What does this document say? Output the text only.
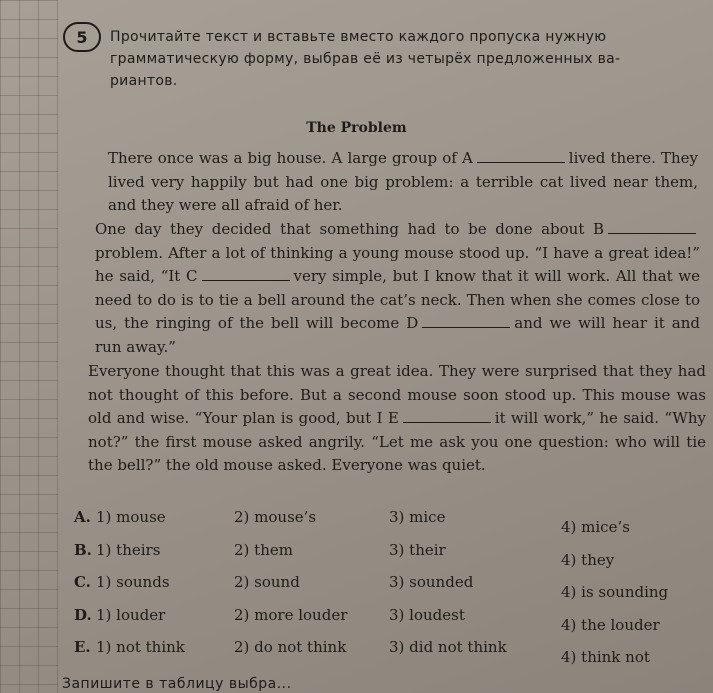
5	Прочитайте текст и вставьте вместо каждого пропуска нужную
грамматическую форму, выбрав её из четырёх предложенных ва-
риантов.
The Problem
There once was a big house. A large group of A	lived there. They lived very happily but had one big problem: a terrible cat lived near them, and they were all afraid of her.
One day they decided that something had to be done about Bproblem. After a lot of thinking a young mouse stood up. “I have a great idea!” he said, “It C	very simple, but I know that it will work. All that we need to do is to tie a bell around the cat’s neck. Then when she comes close to us, the ringing of the bell will become D	and we will hear it and run away.”
Everyone thought that this was a great idea. They were surprised that they had not thought of this before. But a second mouse soon stood up. This mouse was old and wise. “Your plan is good, but I E	it will work,” he said. “Why not?” the first mouse asked angrily. “Let me ask you one question: who will tie the bell?” the old mouse asked. Everyone was quiet.
A. 1) mouse	2) mouse’s	3) mice
4) mice’s
B. 1) theirs	2) them	3) their
4) they
C. 1) sounds	2) sound	3) sounded
4) is sounding
D. 1) louder	2) more louder	3) loudest
4) the louder
E. 1) not think	2) do not think	3) did not think
4) think not
Запишите в таблицу выбра...
